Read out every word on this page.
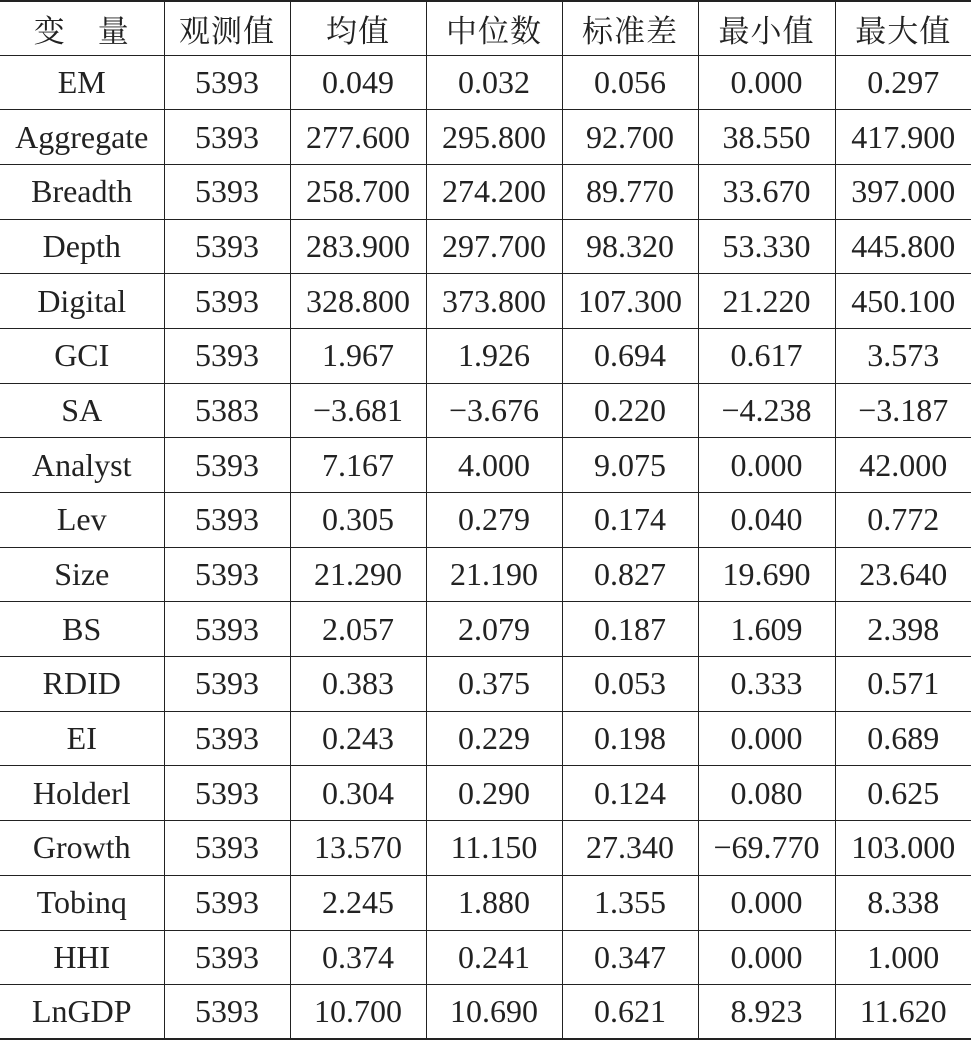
变　量	观测值	均值	中位数	标准差	最小值	最大值
EM	5393	0.049	0.032	0.056	0.000	0.297
Aggregate	5393	277.600	295.800	92.700	38.550	417.900
Breadth	5393	258.700	274.200	89.770	33.670	397.000
Depth	5393	283.900	297.700	98.320	53.330	445.800
Digital	5393	328.800	373.800	107.300	21.220	450.100
GCI	5393	1.967	1.926	0.694	0.617	3.573
SA	5383	−3.681	−3.676	0.220	−4.238	−3.187
Analyst	5393	7.167	4.000	9.075	0.000	42.000
Lev	5393	0.305	0.279	0.174	0.040	0.772
Size	5393	21.290	21.190	0.827	19.690	23.640
BS	5393	2.057	2.079	0.187	1.609	2.398
RDID	5393	0.383	0.375	0.053	0.333	0.571
EI	5393	0.243	0.229	0.198	0.000	0.689
Holderl	5393	0.304	0.290	0.124	0.080	0.625
Growth	5393	13.570	11.150	27.340	−69.770	103.000
Tobinq	5393	2.245	1.880	1.355	0.000	8.338
HHI	5393	0.374	0.241	0.347	0.000	1.000
LnGDP	5393	10.700	10.690	0.621	8.923	11.620
